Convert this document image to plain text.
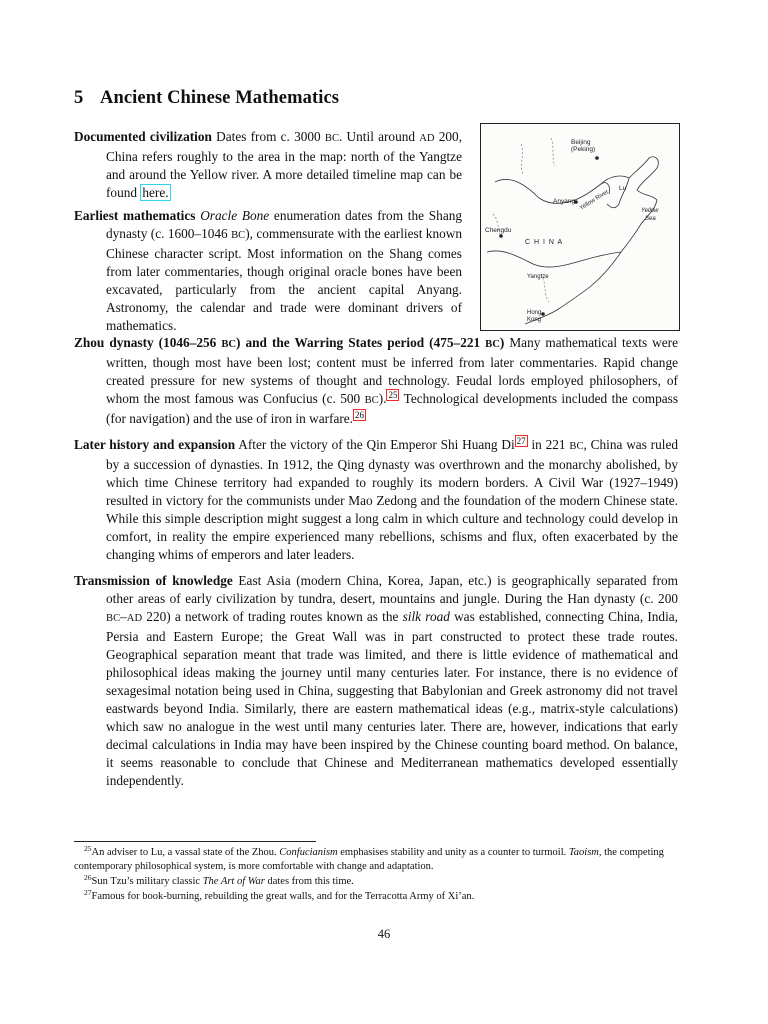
5 Ancient Chinese Mathematics

Documented civilization Dates from c. 3000 BC. Until around AD 200, China refers roughly to the area in the map: north of the Yangtze and around the Yellow river. A more detailed timeline map can be found here.

Earliest mathematics Oracle Bone enumeration dates from the Shang dynasty (c. 1600–1046 BC), commensurate with the earliest known Chinese character script. Most information on the Shang comes from later commentaries, though original oracle bones have been excavated, particularly from the ancient capital Anyang. Astronomy, the calendar and trade were dominant drivers of mathematics.

Beijing
(Peking)
Lu
Anyang Yellow River	Yellow
Sea
Chengdu
C H I N A
Yangtze
Hong
Kong

Zhou dynasty (1046–256 BC) and the Warring States period (475–221 BC) Many mathematical texts were written, though most have been lost; content must be inferred from later commentaries. Rapid change created pressure for new systems of thought and technology. Feudal lords employed philosophers, of whom the most famous was Confucius (c. 500 BC). $^{25}$ Technological developments included the compass (for navigation) and the use of iron in warfare. $^{26}$

Later history and expansion After the victory of the Qin Emperor Shi Huang Di $^{27}$ in 221 BC, China was ruled by a succession of dynasties. In 1912, the Qing dynasty was overthrown and the monarchy abolished, by which time Chinese territory had expanded to roughly its modern borders. A Civil War (1927–1949) resulted in victory for the communists under Mao Zedong and the foundation of the modern Chinese state. While this simple description might suggest a long calm in which culture and technology could develop in comfort, in reality the empire experienced many rebellions, schisms and flux, often exacerbated by the changing whims of emperors and later leaders.

Transmission of knowledge East Asia (modern China, Korea, Japan, etc.) is geographically separated from other areas of early civilization by tundra, desert, mountains and jungle. During the Han dynasty (c. 200 BC–AD 220) a network of trading routes known as the silk road was established, connecting China, India, Persia and Eastern Europe; the Great Wall was in part constructed to protect these trade routes. Geographical separation meant that trade was limited, and there is little evidence of mathematical and philosophical ideas making the journey until many centuries later. For instance, there is no evidence of sexagesimal notation being used in China, suggesting that Babylonian and Greek astronomy did not travel eastwards beyond India. Similarly, there are eastern mathematical ideas (e.g., matrix-style calculations) which saw no analogue in the west until many centuries later. There are, however, indications that early decimal calculations in India may have been inspired by the Chinese counting board method. On balance, it seems reasonable to conclude that Chinese and Mediterranean mathematics developed essentially independently.

$^{25}$An adviser to Lu, a vassal state of the Zhou. Confucianism emphasises stability and unity as a counter to turmoil. Taoism, the competing contemporary philosophical system, is more comfortable with change and adaptation.

$^{26}$Sun Tzu’s military classic The Art of War dates from this time.

$^{27}$Famous for book-burning, rebuilding the great walls, and for the Terracotta Army of Xi’an.

46
